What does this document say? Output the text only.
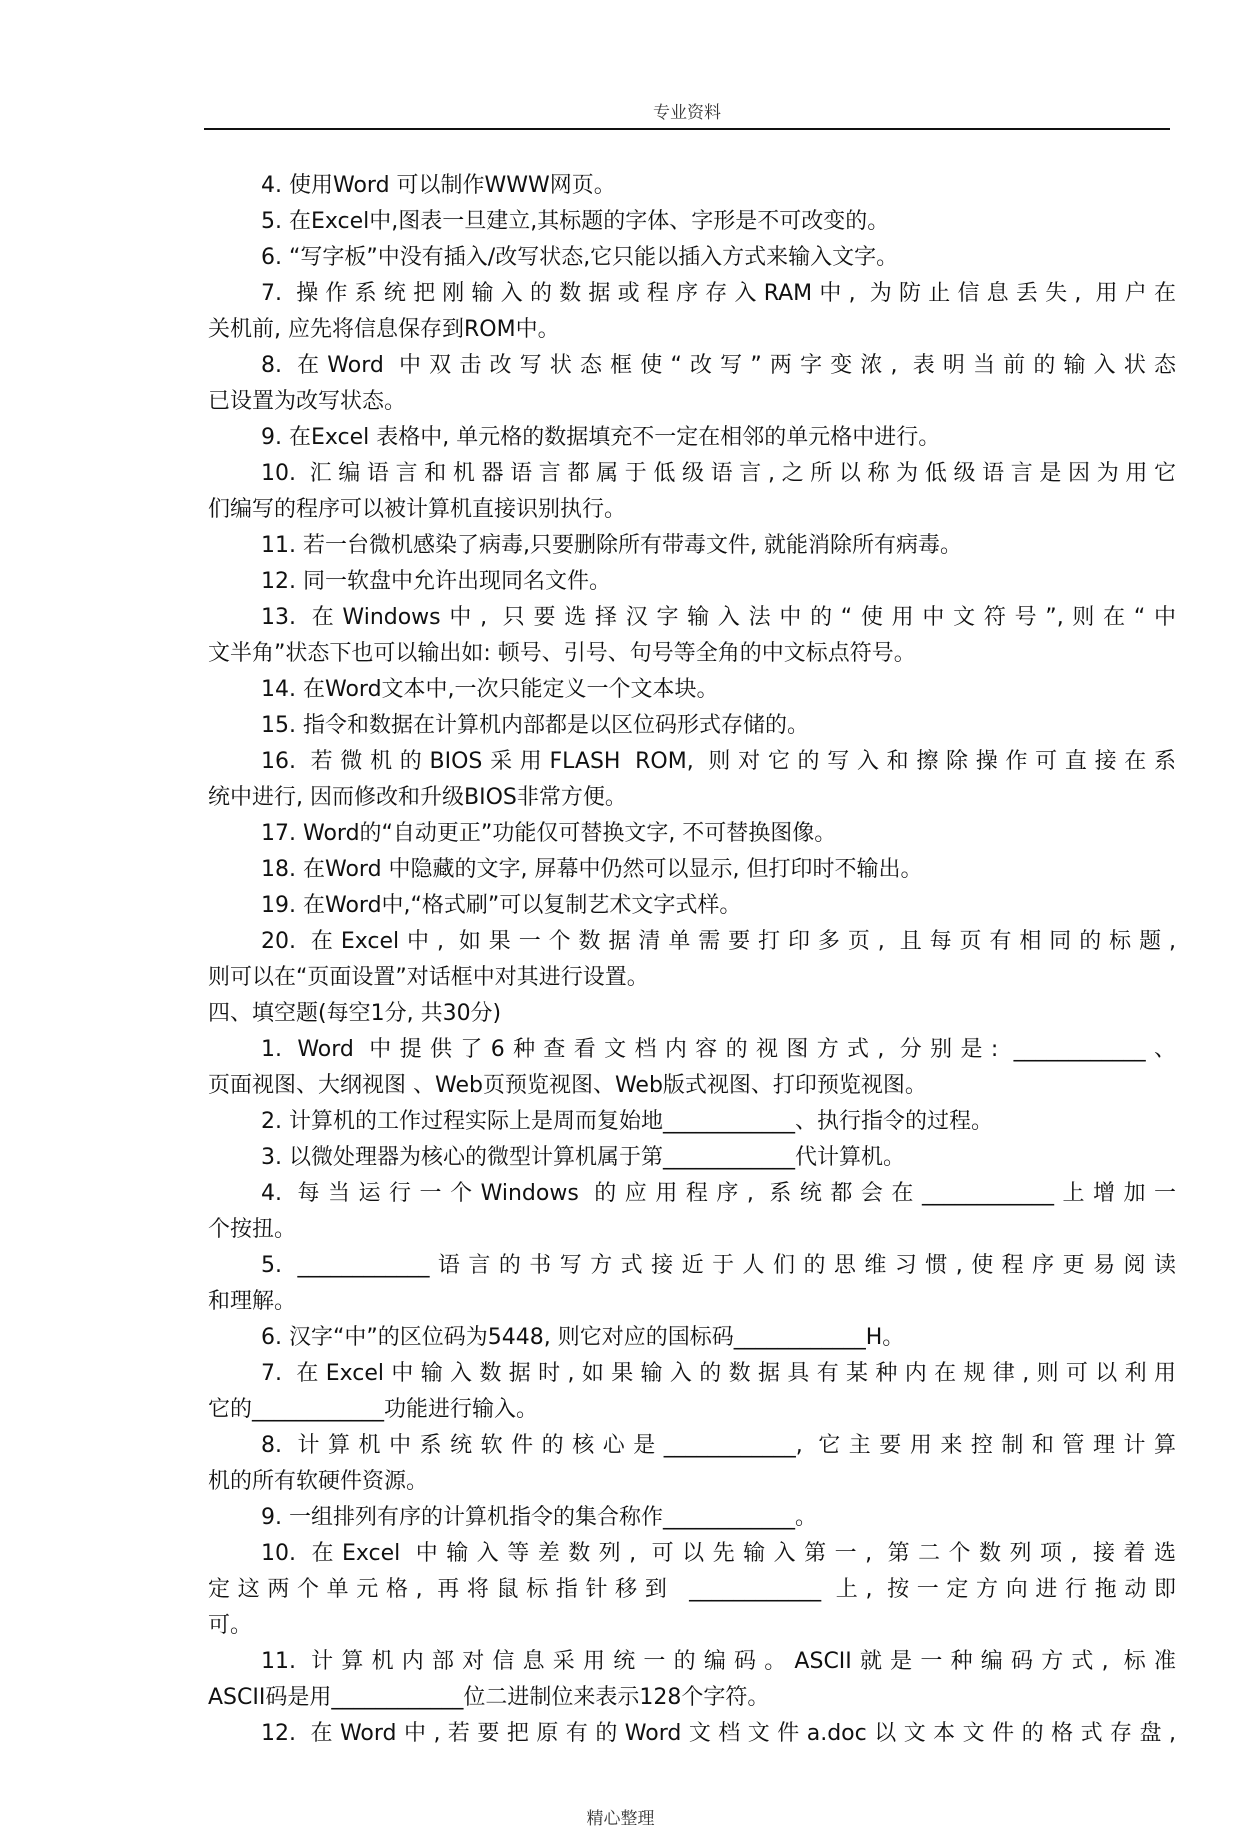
专业资料
4. 使用Word 可以制作WWW网页。
5. 在Excel中,图表一旦建立,其标题的字体、字形是不可改变的。
6. “写字板”中没有插入/改写状态,它只能以插入方式来输入文字。
7. 操作系统把刚输入的数据或程序存入RAM中, 为防止信息丢失, 用户在
关机前, 应先将信息保存到ROM中。
8. 在Word 中双击改写状态框使“改写”两字变浓, 表明当前的输入状态
已设置为改写状态。
9. 在Excel 表格中, 单元格的数据填充不一定在相邻的单元格中进行。
10. 汇编语言和机器语言都属于低级语言,之所以称为低级语言是因为用它
们编写的程序可以被计算机直接识别执行。
11. 若一台微机感染了病毒,只要删除所有带毒文件, 就能消除所有病毒。
12. 同一软盘中允许出现同名文件。
13. 在Windows中, 只要选择汉字输入法中的“使用中文符号”,则在“中
文半角”状态下也可以输出如: 顿号、引号、句号等全角的中文标点符号。
14. 在Word文本中,一次只能定义一个文本块。
15. 指令和数据在计算机内部都是以区位码形式存储的。
16. 若微机的BIOS采用FLASH ROM, 则对它的写入和擦除操作可直接在系
统中进行, 因而修改和升级BIOS非常方便。
17. Word的“自动更正”功能仅可替换文字, 不可替换图像。
18. 在Word 中隐藏的文字, 屏幕中仍然可以显示, 但打印时不输出。
19. 在Word中,“格式刷”可以复制艺术文字式样。
20. 在Excel中, 如果一个数据清单需要打印多页, 且每页有相同的标题,
则可以在“页面设置”对话框中对其进行设置。
四、填空题(每空1分, 共30分)
1. Word 中提供了6种查看文档内容的视图方式, 分别是: ____________、
页面视图、大纲视图 、Web页预览视图、Web版式视图、打印预览视图。
2. 计算机的工作过程实际上是周而复始地____________、执行指令的过程。
3. 以微处理器为核心的微型计算机属于第____________代计算机。
4. 每当运行一个Windows 的应用程序, 系统都会在____________上增加一
个按扭。
5. ____________语言的书写方式接近于人们的思维习惯,使程序更易阅读
和理解。
6. 汉字“中”的区位码为5448, 则它对应的国标码____________H。
7. 在Excel中输入数据时,如果输入的数据具有某种内在规律,则可以利用
它的____________功能进行输入。
8. 计算机中系统软件的核心是____________, 它主要用来控制和管理计算
机的所有软硬件资源。
9. 一组排列有序的计算机指令的集合称作____________。
10. 在Excel 中输入等差数列, 可以先输入第一, 第二个数列项, 接着选
定这两个单元格, 再将鼠标指针移到 ____________ 上, 按一定方向进行拖动即
可。
11. 计算机内部对信息采用统一的编码。ASCII就是一种编码方式, 标准
ASCII码是用____________位二进制位来表示128个字符。
12. 在Word中,若要把原有的Word文档文件a.doc以文本文件的格式存盘,
精心整理
